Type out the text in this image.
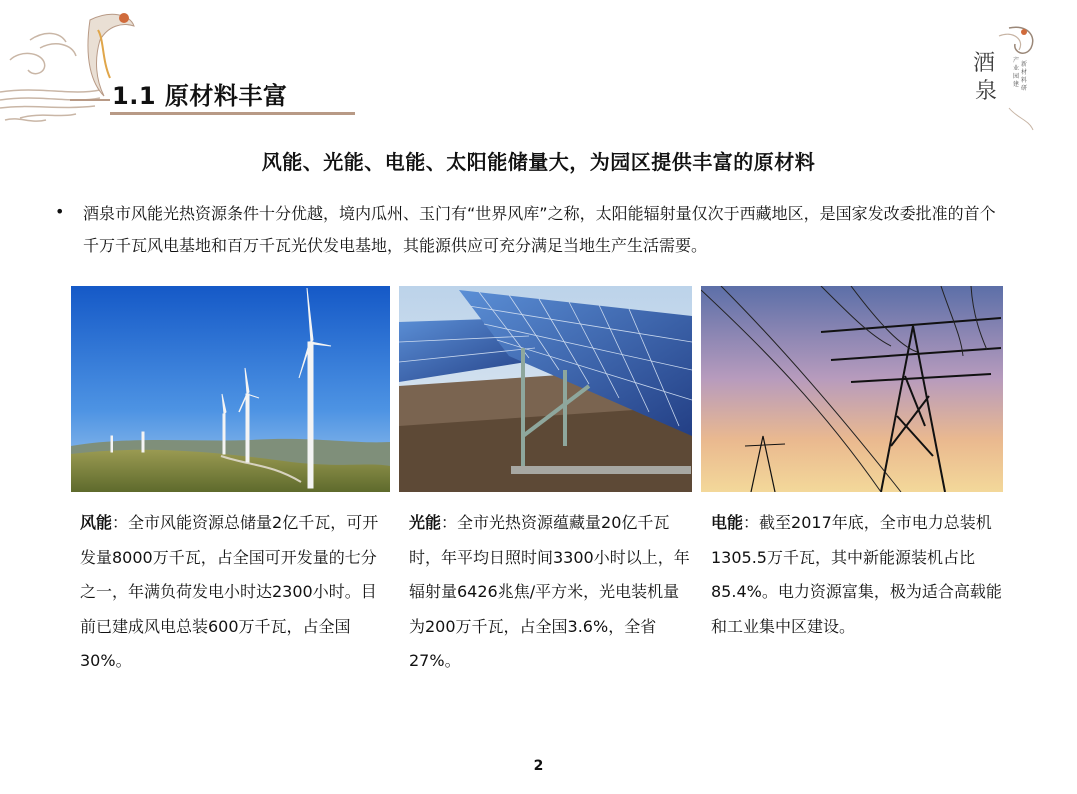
1.1 原材料丰富
酒
泉
产
业
园
建
新
材
料
研
风能、光能、电能、太阳能储量大，为园区提供丰富的原材料
• 酒泉市风能光热资源条件十分优越，境内瓜州、玉门有“世界风库”之称，太阳能辐射量仅次于西藏地区，是国家发改委批准的首个千万千瓦风电基地和百万千瓦光伏发电基地，其能源供应可充分满足当地生产生活需要。
风能：全市风能资源总储量2亿千瓦，可开发量8000万千瓦，占全国可开发量的七分之一，年满负荷发电小时达2300小时。目前已建成风电总装600万千瓦，占全国30%。
光能：全市光热资源蕴藏量20亿千瓦时，年平均日照时间3300小时以上，年辐射量6426兆焦/平方米，光电装机量为200万千瓦，占全国3.6%，全省27%。
电能：截至2017年底，全市电力总装机1305.5万千瓦，其中新能源装机占比85.4%。电力资源富集，极为适合高载能和工业集中区建设。
2
